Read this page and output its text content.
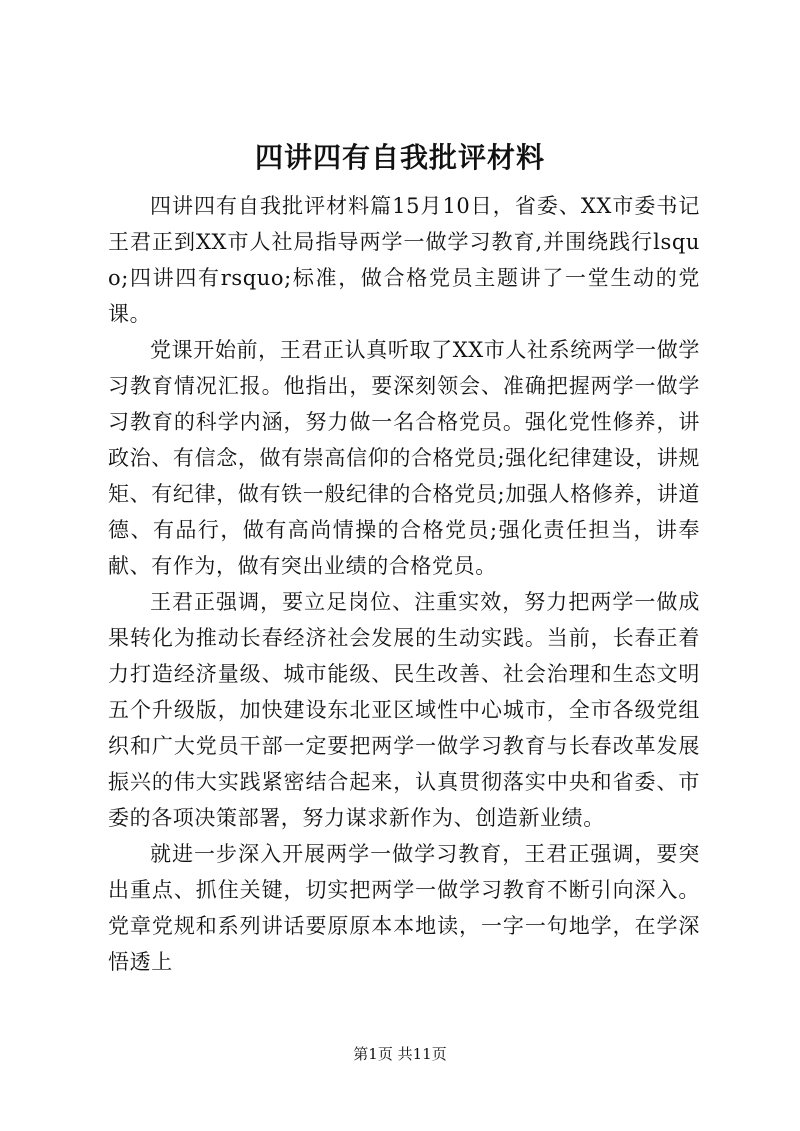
四讲四有自我批评材料

四讲四有自我批评材料篇15月10日，省委、XX市委书记王君正到XX市人社局指导两学一做学习教育,并围绕践行lsquo;四讲四有rsquo;标准，做合格党员主题讲了一堂生动的党课。

党课开始前，王君正认真听取了XX市人社系统两学一做学习教育情况汇报。他指出，要深刻领会、准确把握两学一做学习教育的科学内涵，努力做一名合格党员。强化党性修养，讲政治、有信念，做有崇高信仰的合格党员;强化纪律建设，讲规矩、有纪律，做有铁一般纪律的合格党员;加强人格修养，讲道德、有品行，做有高尚情操的合格党员;强化责任担当，讲奉献、有作为，做有突出业绩的合格党员。

王君正强调，要立足岗位、注重实效，努力把两学一做成果转化为推动长春经济社会发展的生动实践。当前，长春正着力打造经济量级、城市能级、民生改善、社会治理和生态文明五个升级版，加快建设东北亚区域性中心城市，全市各级党组织和广大党员干部一定要把两学一做学习教育与长春改革发展振兴的伟大实践紧密结合起来，认真贯彻落实中央和省委、市委的各项决策部署，努力谋求新作为、创造新业绩。

就进一步深入开展两学一做学习教育，王君正强调，要突出重点、抓住关键，切实把两学一做学习教育不断引向深入。党章党规和系列讲话要原原本本地读，一字一句地学，在学深悟透上

第1页 共11页
